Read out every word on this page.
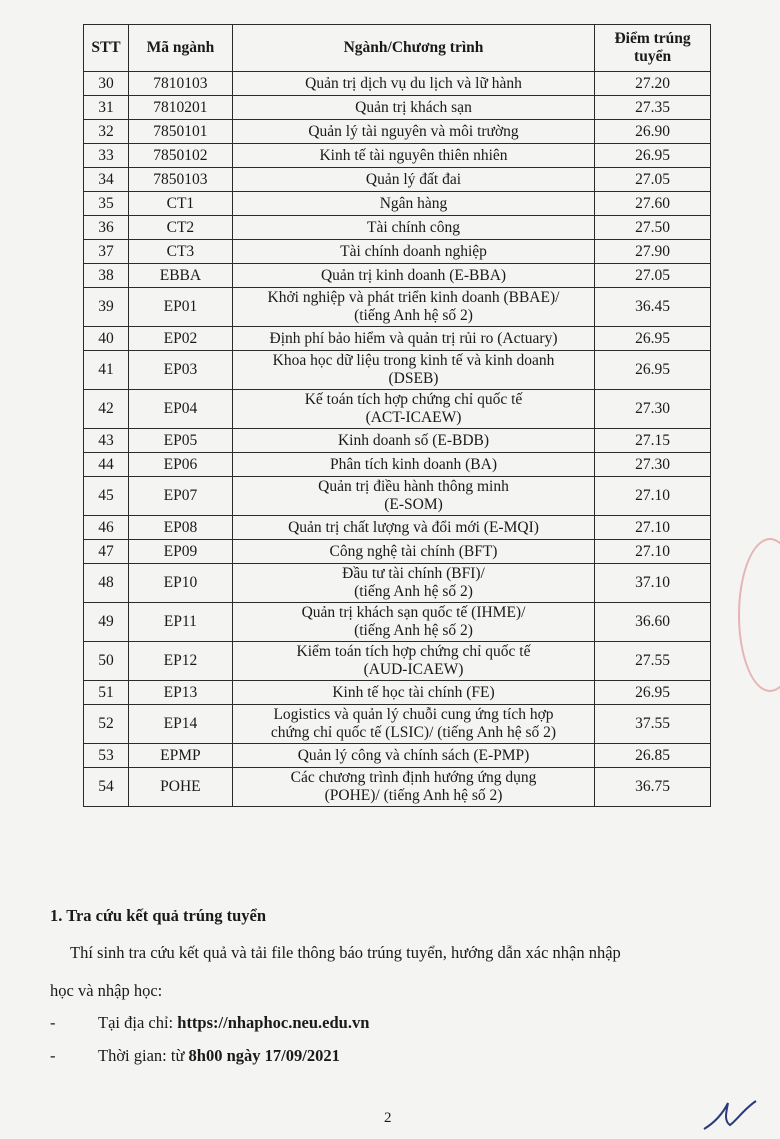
STT	Mã ngành	Ngành/Chương trình	Điểm trúng tuyển
30	7810103	Quản trị dịch vụ du lịch và lữ hành	27.20
31	7810201	Quản trị khách sạn	27.35
32	7850101	Quản lý tài nguyên và môi trường	26.90
33	7850102	Kinh tế tài nguyên thiên nhiên	26.95
34	7850103	Quản lý đất đai	27.05
35	CT1	Ngân hàng	27.60
36	CT2	Tài chính công	27.50
37	CT3	Tài chính doanh nghiệp	27.90
38	EBBA	Quản trị kinh doanh (E-BBA)	27.05
39	EP01	Khởi nghiệp và phát triển kinh doanh (BBAE)/
(tiếng Anh hệ số 2)	36.45
40	EP02	Định phí bảo hiểm và quản trị rủi ro (Actuary)	26.95
41	EP03	Khoa học dữ liệu trong kinh tế và kinh doanh
(DSEB)	26.95
42	EP04	Kế toán tích hợp chứng chỉ quốc tế
(ACT-ICAEW)	27.30
43	EP05	Kinh doanh số (E-BDB)	27.15
44	EP06	Phân tích kinh doanh (BA)	27.30
45	EP07	Quản trị điều hành thông minh
(E-SOM)	27.10
46	EP08	Quản trị chất lượng và đổi mới (E-MQI)	27.10
47	EP09	Công nghệ tài chính (BFT)	27.10
48	EP10	Đầu tư tài chính (BFI)/
(tiếng Anh hệ số 2)	37.10
49	EP11	Quản trị khách sạn quốc tế (IHME)/
(tiếng Anh hệ số 2)	36.60
50	EP12	Kiểm toán tích hợp chứng chỉ quốc tế
(AUD-ICAEW)	27.55
51	EP13	Kinh tế học tài chính (FE)	26.95
52	EP14	Logistics và quản lý chuỗi cung ứng tích hợp
chứng chỉ quốc tế (LSIC)/ (tiếng Anh hệ số 2)	37.55
53	EPMP	Quản lý công và chính sách (E-PMP)	26.85
54	POHE	Các chương trình định hướng ứng dụng
(POHE)/ (tiếng Anh hệ số 2)	36.75
1. Tra cứu kết quả trúng tuyển
Thí sinh tra cứu kết quả và tải file thông báo trúng tuyển, hướng dẫn xác nhận nhập
học và nhập học:
-	Tại địa chỉ: https://nhaphoc.neu.edu.vn
-	Thời gian: từ 8h00 ngày 17/09/2021
2
